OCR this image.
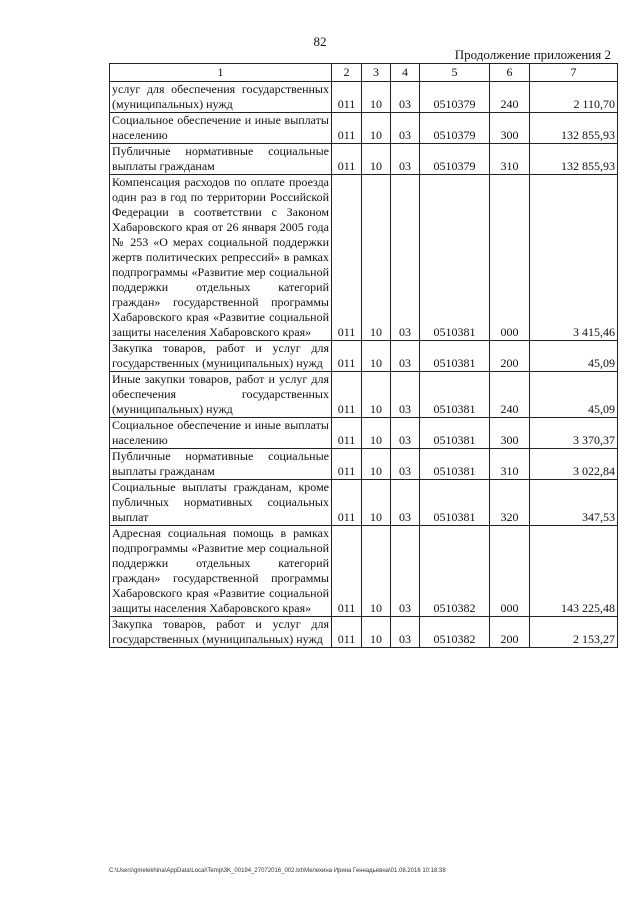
82
Продолжение приложения 2
1	2	3	4	5	6	7
услуг для обеспечения государственных (муниципальных) нужд	011	10	03	0510379	240	2 110,70
Социальное обеспечение и иные выплаты населению	011	10	03	0510379	300	132 855,93
Публичные нормативные социальные выплаты гражданам	011	10	03	0510379	310	132 855,93
Компенсация расходов по оплате проезда один раз в год по территории Российской Федерации в соответствии с Законом Хабаровского края от 26 января 2005 года № 253 «О мерах социальной поддержки жертв политических репрессий» в рамках подпрограммы «Развитие мер социальной поддержки отдельных категорий граждан» государственной программы Хабаровского края «Развитие социальной защиты населения Хабаровского края»	011	10	03	0510381	000	3 415,46
Закупка товаров, работ и услуг для государственных (муниципальных) нужд	011	10	03	0510381	200	45,09
Иные закупки товаров, работ и услуг для обеспечения государственных (муниципальных) нужд	011	10	03	0510381	240	45,09
Социальное обеспечение и иные выплаты населению	011	10	03	0510381	300	3 370,37
Публичные нормативные социальные выплаты гражданам	011	10	03	0510381	310	3 022,84
Социальные выплаты гражданам, кроме публичных нормативных социальных выплат	011	10	03	0510381	320	347,53
Адресная социальная помощь в рамках подпрограммы «Развитие мер социальной поддержки отдельных категорий граждан» государственной программы Хабаровского края «Развитие социальной защиты населения Хабаровского края»	011	10	03	0510382	000	143 225,48
Закупка товаров, работ и услуг для государственных (муниципальных) нужд	011	10	03	0510382	200	2 153,27
C:\Users\gmelekhina\AppData\Local\Temp\3K_00194_27072016_002.txt\Мелехина Ирина Геннадьевна\01.08.2016 10:18:38
